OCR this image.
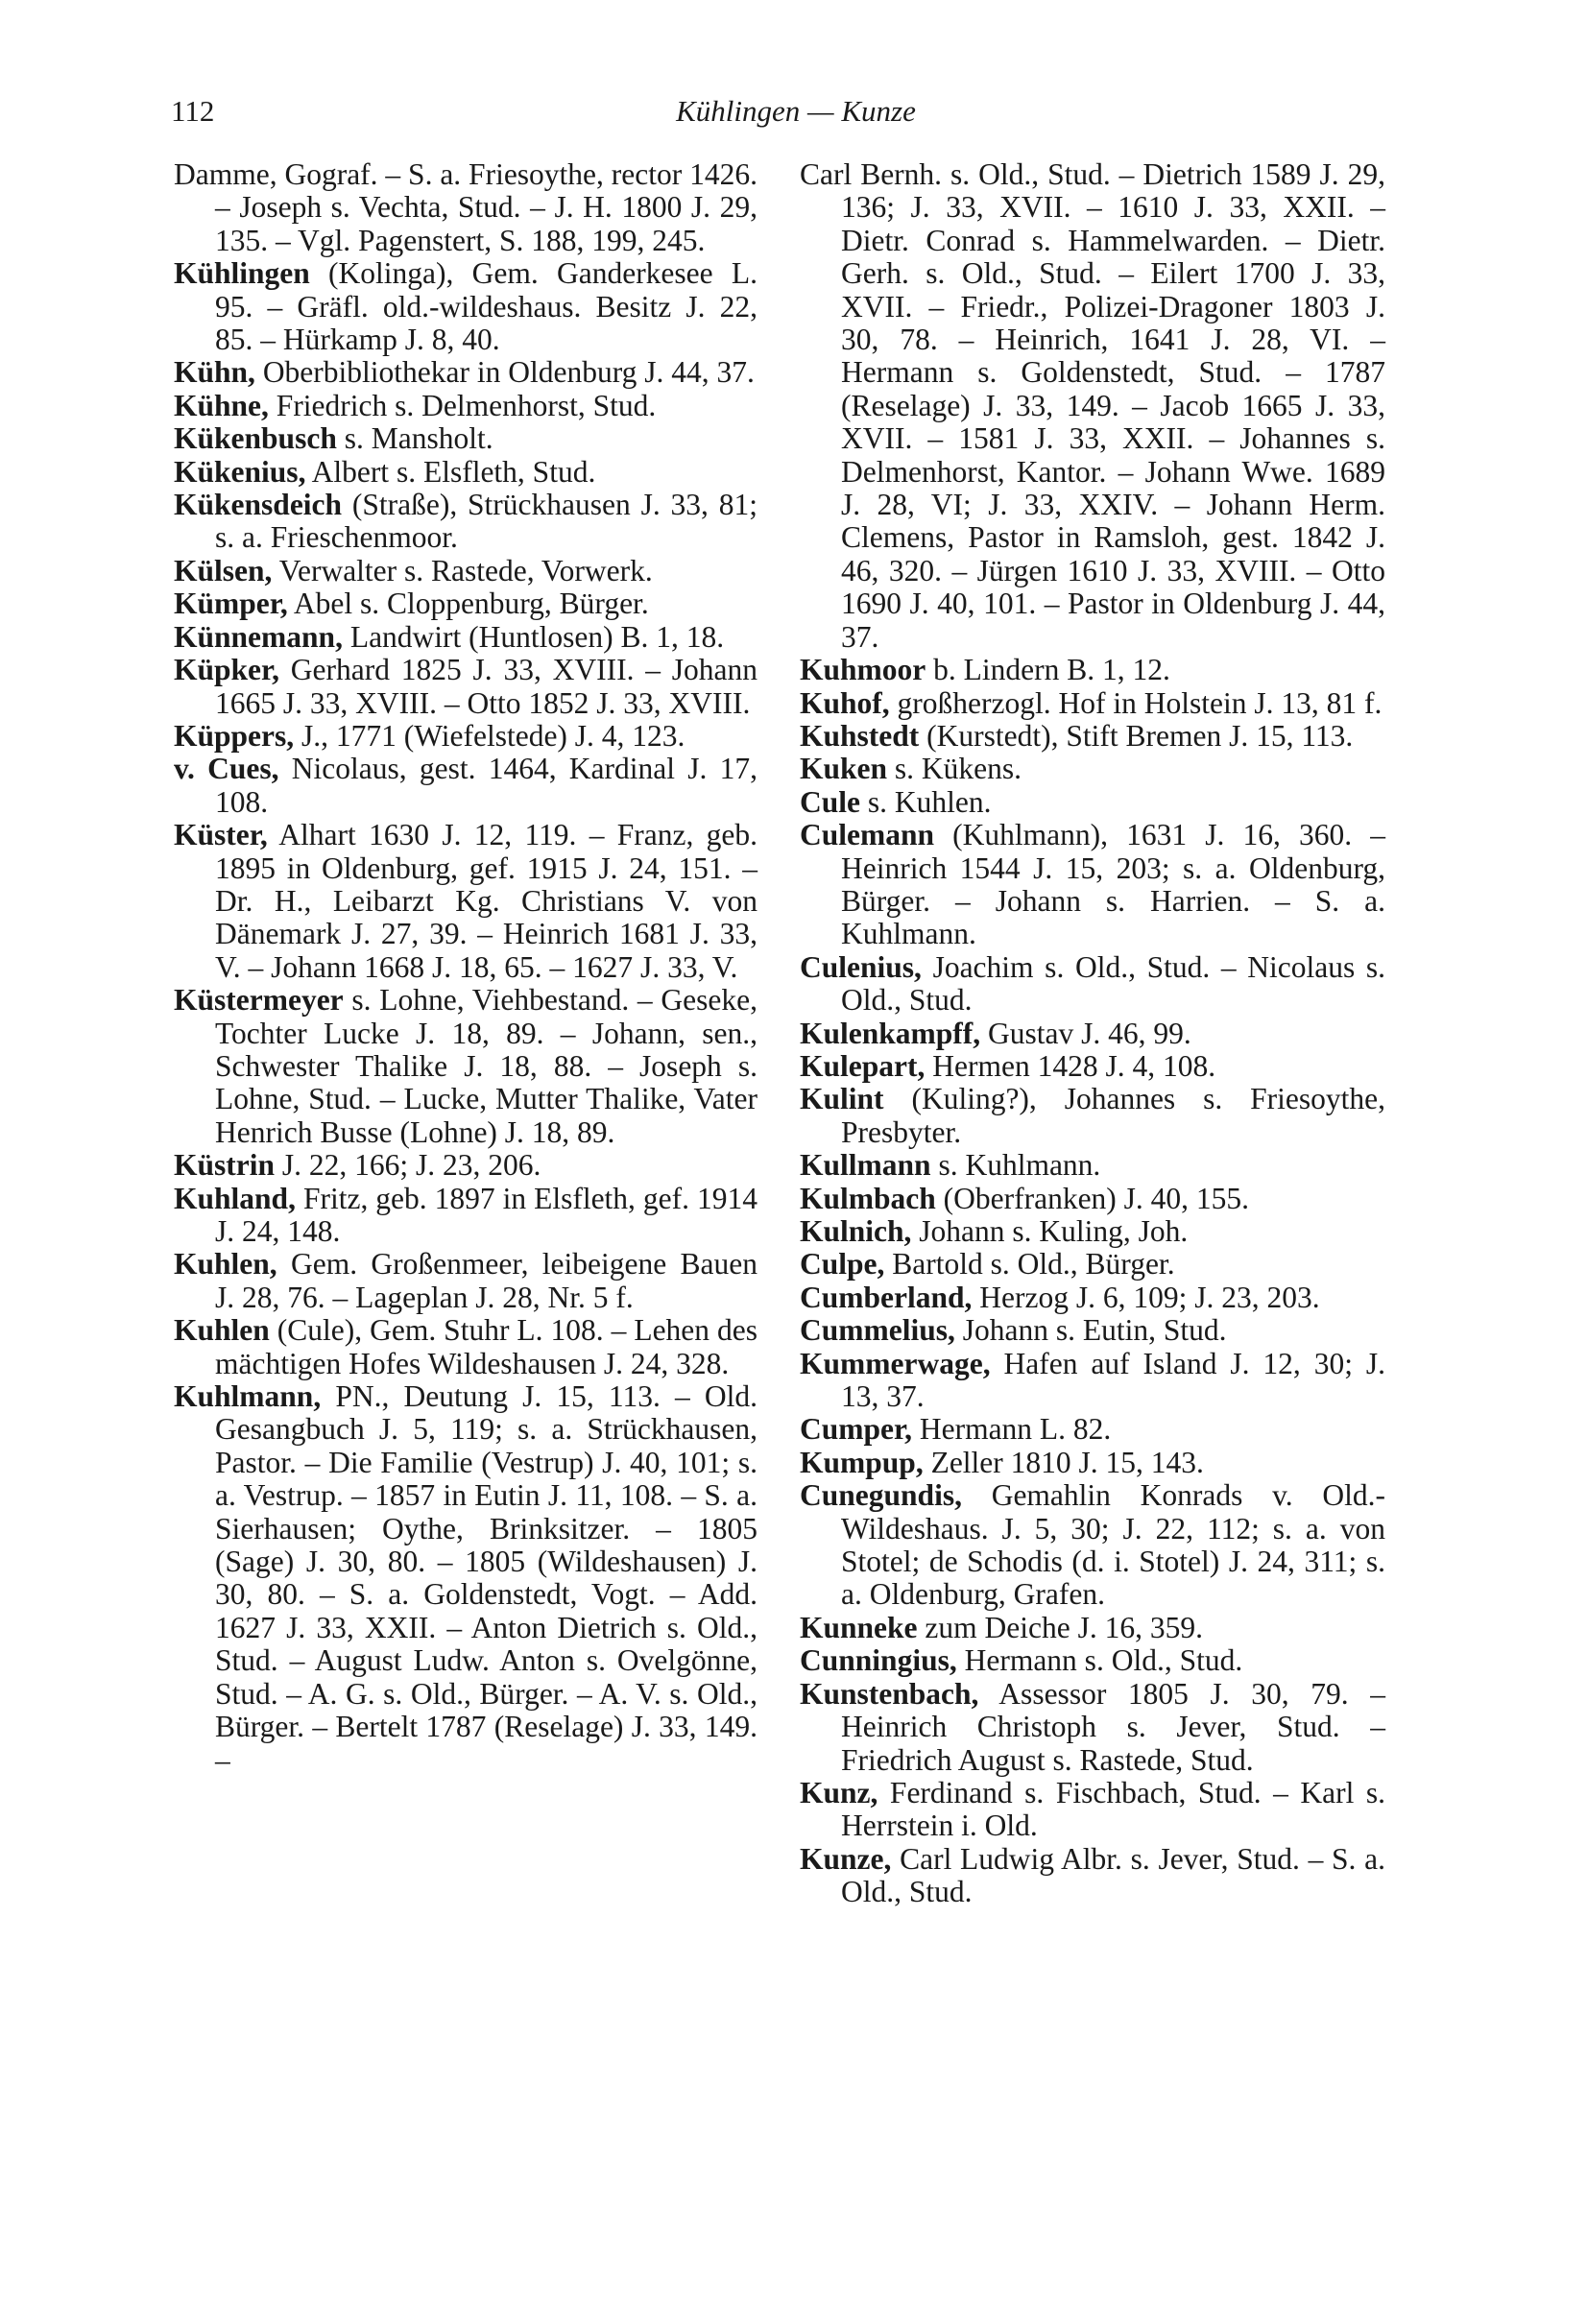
112	Kühlingen — Kunze

Damme, Gograf. – S. a. Friesoythe, rector 1426. – Joseph s. Vechta, Stud. – J. H. 1800 J. 29, 135. – Vgl. Pagenstert, S. 188, 199, 245.

Kühlingen (Kolinga), Gem. Ganderkesee L. 95. – Gräfl. old.-wildeshaus. Besitz J. 22, 85. – Hürkamp J. 8, 40.

Kühn, Oberbibliothekar in Oldenburg J. 44, 37.

Kühne, Friedrich s. Delmenhorst, Stud.

Kükenbusch s. Mansholt.

Kükenius, Albert s. Elsfleth, Stud.

Kükensdeich (Straße), Strückhausen J. 33, 81; s. a. Frieschenmoor.

Külsen, Verwalter s. Rastede, Vorwerk.

Kümper, Abel s. Cloppenburg, Bürger.

Künnemann, Landwirt (Huntlosen) B. 1, 18.

Küpker, Gerhard 1825 J. 33, XVIII. – Johann 1665 J. 33, XVIII. – Otto 1852 J. 33, XVIII.

Küppers, J., 1771 (Wiefelstede) J. 4, 123.

v. Cues, Nicolaus, gest. 1464, Kardinal J. 17, 108.

Küster, Alhart 1630 J. 12, 119. – Franz, geb. 1895 in Oldenburg, gef. 1915 J. 24, 151. – Dr. H., Leibarzt Kg. Christians V. von Dänemark J. 27, 39. – Heinrich 1681 J. 33, V. – Johann 1668 J. 18, 65. – 1627 J. 33, V.

Küstermeyer s. Lohne, Viehbestand. – Geseke, Tochter Lucke J. 18, 89. – Johann, sen., Schwester Thalike J. 18, 88. – Joseph s. Lohne, Stud. – Lucke, Mutter Thalike, Vater Henrich Busse (Lohne) J. 18, 89.

Küstrin J. 22, 166; J. 23, 206.

Kuhland, Fritz, geb. 1897 in Elsfleth, gef. 1914 J. 24, 148.

Kuhlen, Gem. Großenmeer, leibeigene Bauen J. 28, 76. – Lageplan J. 28, Nr. 5 f.

Kuhlen (Cule), Gem. Stuhr L. 108. – Lehen des mächtigen Hofes Wildeshausen J. 24, 328.

Kuhlmann, PN., Deutung J. 15, 113. – Old. Gesangbuch J. 5, 119; s. a. Strückhausen, Pastor. – Die Familie (Vestrup) J. 40, 101; s. a. Vestrup. – 1857 in Eutin J. 11, 108. – S. a. Sierhausen; Oythe, Brinksitzer. – 1805 (Sage) J. 30, 80. – 1805 (Wildeshausen) J. 30, 80. – S. a. Goldenstedt, Vogt. – Add. 1627 J. 33, XXII. – Anton Dietrich s. Old., Stud. – August Ludw. Anton s. Ovelgönne, Stud. – A. G. s. Old., Bürger. – A. V. s. Old., Bürger. – Bertelt 1787 (Reselage) J. 33, 149. –

Carl Bernh. s. Old., Stud. – Dietrich 1589 J. 29, 136; J. 33, XVII. – 1610 J. 33, XXII. – Dietr. Conrad s. Hammelwarden. – Dietr. Gerh. s. Old., Stud. – Eilert 1700 J. 33, XVII. – Friedr., Polizei-Dragoner 1803 J. 30, 78. – Heinrich, 1641 J. 28, VI. – Hermann s. Goldenstedt, Stud. – 1787 (Reselage) J. 33, 149. – Jacob 1665 J. 33, XVII. – 1581 J. 33, XXII. – Johannes s. Delmenhorst, Kantor. – Johann Wwe. 1689 J. 28, VI; J. 33, XXIV. – Johann Herm. Clemens, Pastor in Ramsloh, gest. 1842 J. 46, 320. – Jürgen 1610 J. 33, XVIII. – Otto 1690 J. 40, 101. – Pastor in Oldenburg J. 44, 37.

Kuhmoor b. Lindern B. 1, 12.

Kuhof, großherzogl. Hof in Holstein J. 13, 81 f.

Kuhstedt (Kurstedt), Stift Bremen J. 15, 113.

Kuken s. Kükens.

Cule s. Kuhlen.

Culemann (Kuhlmann), 1631 J. 16, 360. – Heinrich 1544 J. 15, 203; s. a. Oldenburg, Bürger. – Johann s. Harrien. – S. a. Kuhlmann.

Culenius, Joachim s. Old., Stud. – Nicolaus s. Old., Stud.

Kulenkampff, Gustav J. 46, 99.

Kulepart, Hermen 1428 J. 4, 108.

Kulint (Kuling?), Johannes s. Friesoythe, Presbyter.

Kullmann s. Kuhlmann.

Kulmbach (Oberfranken) J. 40, 155.

Kulnich, Johann s. Kuling, Joh.

Culpe, Bartold s. Old., Bürger.

Cumberland, Herzog J. 6, 109; J. 23, 203.

Cummelius, Johann s. Eutin, Stud.

Kummerwage, Hafen auf Island J. 12, 30; J. 13, 37.

Cumper, Hermann L. 82.

Kumpup, Zeller 1810 J. 15, 143.

Cunegundis, Gemahlin Konrads v. Old.-Wildeshaus. J. 5, 30; J. 22, 112; s. a. von Stotel; de Schodis (d. i. Stotel) J. 24, 311; s. a. Oldenburg, Grafen.

Kunneke zum Deiche J. 16, 359.

Cunningius, Hermann s. Old., Stud.

Kunstenbach, Assessor 1805 J. 30, 79. – Heinrich Christoph s. Jever, Stud. – Friedrich August s. Rastede, Stud.

Kunz, Ferdinand s. Fischbach, Stud. – Karl s. Herrstein i. Old.

Kunze, Carl Ludwig Albr. s. Jever, Stud. – S. a. Old., Stud.
